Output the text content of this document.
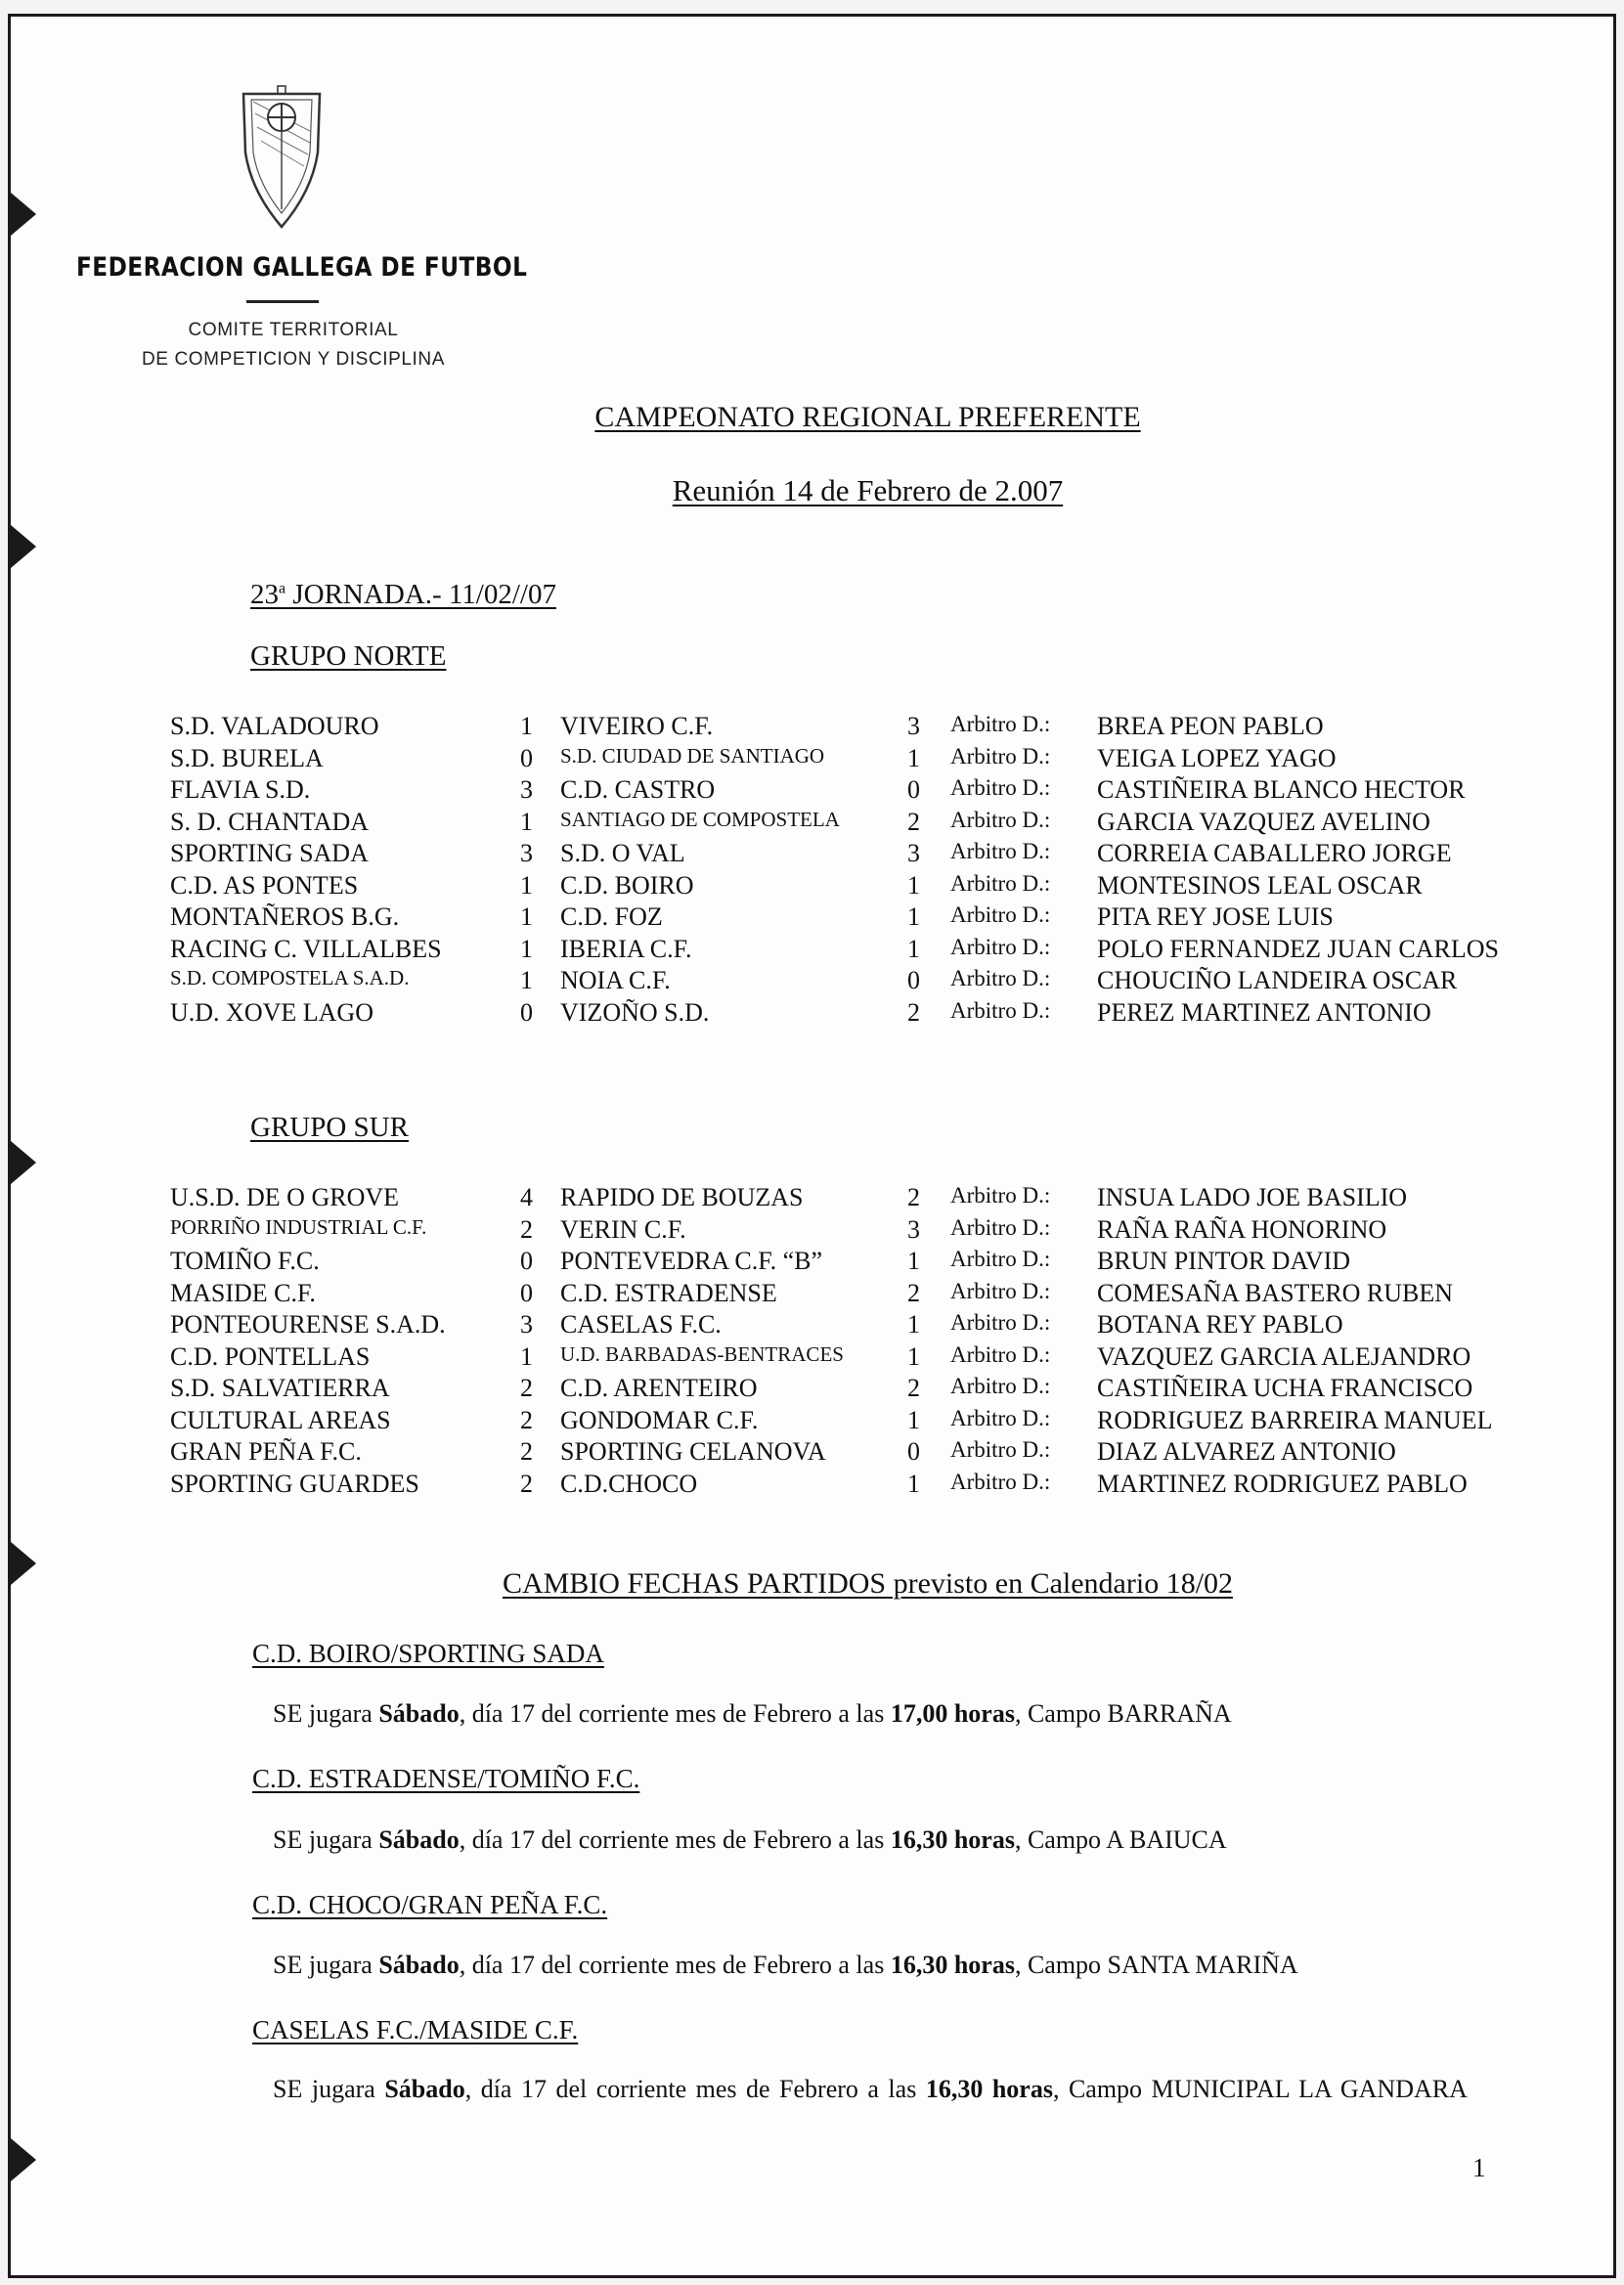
FEDERACION GALLEGA DE FUTBOL
COMITE TERRITORIAL
DE COMPETICION Y DISCIPLINA
CAMPEONATO REGIONAL PREFERENTE
Reunión 14 de Febrero de 2.007
23$^a$ JORNADA.- 11/02//07
GRUPO NORTE
S.D. VALADOURO	1 VIVEIRO C.F.	3 Arbitro D.: BREA PEON PABLO
S.D. BURELA	0 S.D. CIUDAD DE SANTIAGO	1 Arbitro D.: VEIGA LOPEZ YAGO
FLAVIA S.D.	3 C.D. CASTRO	0 Arbitro D.: CASTIÑEIRA BLANCO HECTOR
S. D. CHANTADA	1 SANTIAGO DE COMPOSTELA	2 Arbitro D.: GARCIA VAZQUEZ AVELINO
SPORTING SADA	3 S.D. O VAL	3 Arbitro D.: CORREIA CABALLERO JORGE
C.D. AS PONTES	1 C.D. BOIRO	1 Arbitro D.: MONTESINOS LEAL OSCAR
MONTAÑEROS B.G.	1 C.D. FOZ	1 Arbitro D.: PITA REY JOSE LUIS
RACING C. VILLALBES	1 IBERIA C.F.	1 Arbitro D.: POLO FERNANDEZ JUAN CARLOS
S.D. COMPOSTELA S.A.D.	1 NOIA C.F.	0 Arbitro D.: CHOUCIÑO LANDEIRA OSCAR
U.D. XOVE LAGO	0 VIZOÑO S.D.	2 Arbitro D.: PEREZ MARTINEZ ANTONIO
GRUPO SUR
U.S.D. DE O GROVE	4 RAPIDO DE BOUZAS	2 Arbitro D.: INSUA LADO JOE BASILIO
PORRIÑO INDUSTRIAL C.F.	2 VERIN C.F.	3 Arbitro D.: RAÑA RAÑA HONORINO
TOMIÑO F.C.	0 PONTEVEDRA C.F. “B”	1 Arbitro D.: BRUN PINTOR DAVID
MASIDE C.F.	0 C.D. ESTRADENSE	2 Arbitro D.: COMESAÑA BASTERO RUBEN
PONTEOURENSE S.A.D.	3 CASELAS F.C.	1 Arbitro D.: BOTANA REY PABLO
C.D. PONTELLAS	1 U.D. BARBADAS-BENTRACES	1 Arbitro D.: VAZQUEZ GARCIA ALEJANDRO
S.D. SALVATIERRA	2 C.D. ARENTEIRO	2 Arbitro D.: CASTIÑEIRA UCHA FRANCISCO
CULTURAL AREAS	2 GONDOMAR C.F.	1 Arbitro D.: RODRIGUEZ BARREIRA MANUEL
GRAN PEÑA F.C.	2 SPORTING CELANOVA	0 Arbitro D.: DIAZ ALVAREZ ANTONIO
SPORTING GUARDES	2 C.D.CHOCO	1 Arbitro D.: MARTINEZ RODRIGUEZ PABLO
CAMBIO FECHAS PARTIDOS previsto en Calendario 18/02
C.D. BOIRO/SPORTING SADA
SE jugara Sábado, día 17 del corriente mes de Febrero a las 17,00 horas, Campo BARRAÑA
C.D. ESTRADENSE/TOMIÑO F.C.
SE jugara Sábado, día 17 del corriente mes de Febrero a las 16,30 horas, Campo A BAIUCA
C.D. CHOCO/GRAN PEÑA F.C.
SE jugara Sábado, día 17 del corriente mes de Febrero a las 16,30 horas, Campo SANTA MARIÑA
CASELAS F.C./MASIDE C.F.
SE jugara Sábado, día 17 del corriente mes de Febrero a las 16,30 horas, Campo MUNICIPAL LA GANDARA
1
